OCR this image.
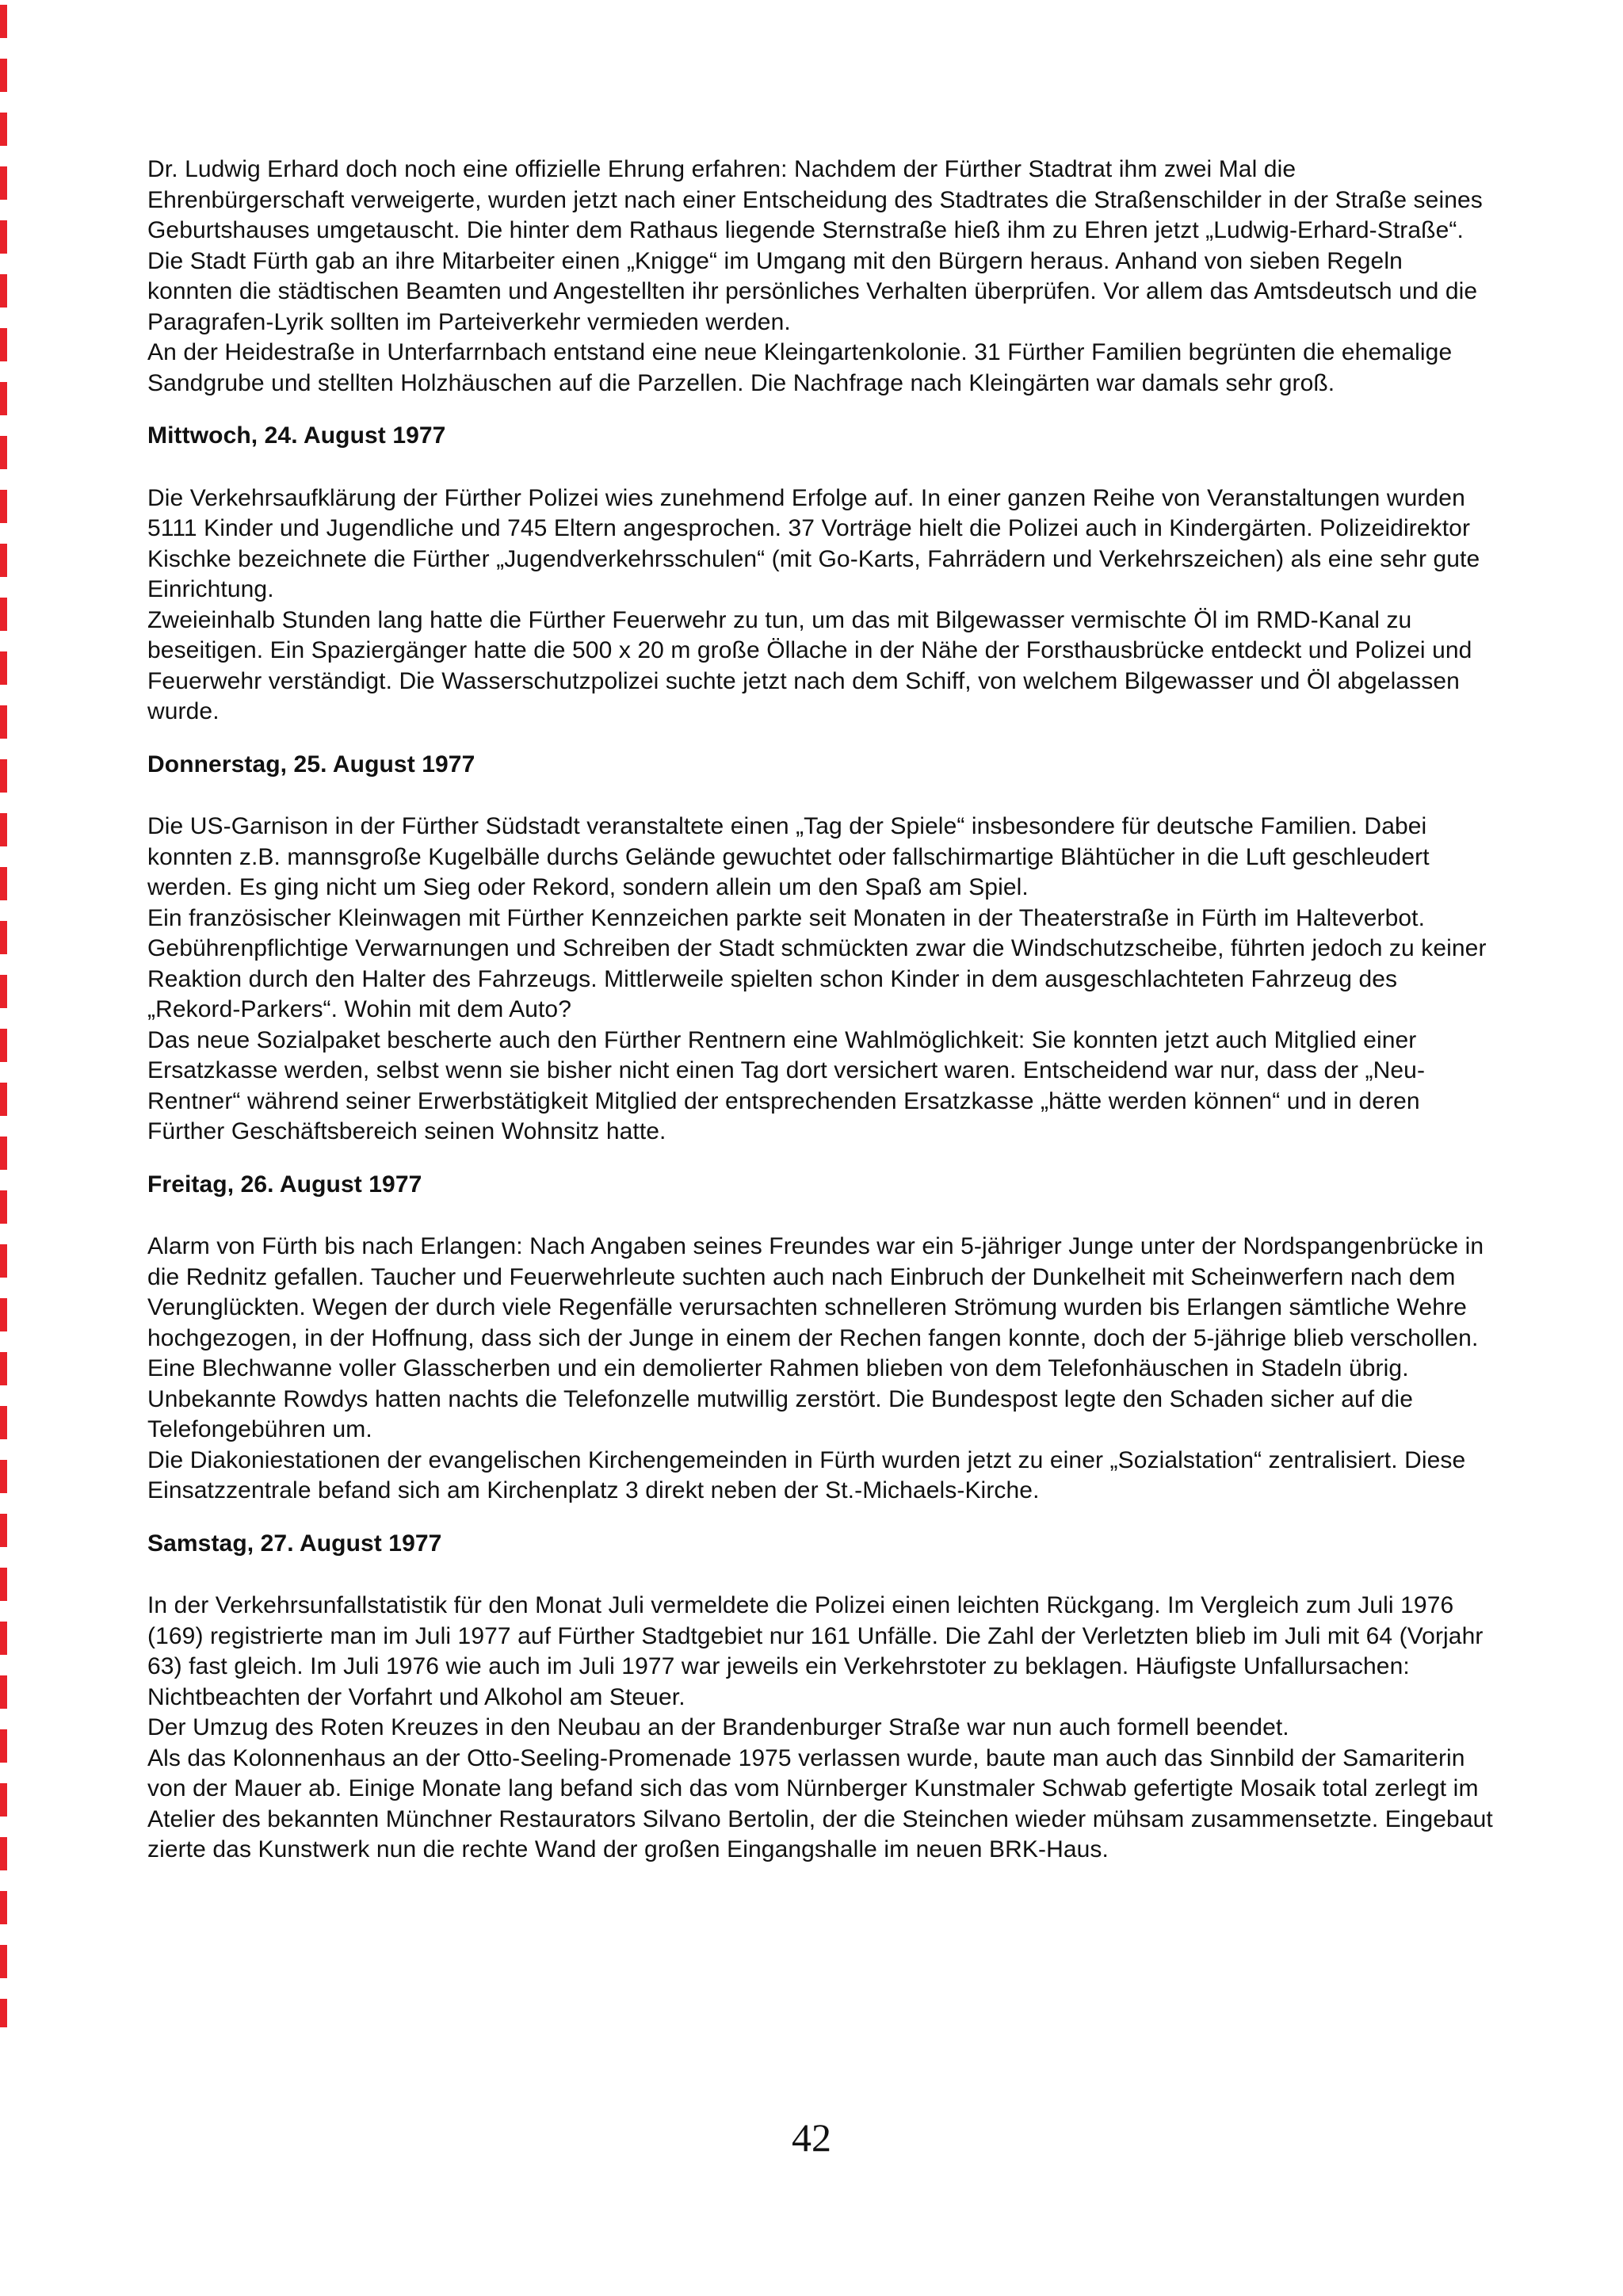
Dr. Ludwig Erhard doch noch eine offizielle Ehrung erfahren: Nachdem der Fürther Stadtrat ihm zwei Mal die Ehrenbürgerschaft verweigerte, wurden jetzt nach einer Entscheidung des Stadtrates die Straßenschilder in der Straße seines Geburtshauses umgetauscht. Die hinter dem Rathaus liegende Sternstraße hieß ihm zu Ehren jetzt „Ludwig-Erhard-Straße“.
Die Stadt Fürth gab an ihre Mitarbeiter einen „Knigge“ im Umgang mit den Bürgern heraus. Anhand von sieben Regeln konnten die städtischen Beamten und Angestellten ihr persönliches Verhalten überprüfen. Vor allem das Amtsdeutsch und die Paragrafen-Lyrik sollten im Parteiverkehr vermieden werden.
An der Heidestraße in Unterfarrnbach entstand eine neue Kleingartenkolonie. 31 Fürther Familien begrünten die ehemalige Sandgrube und stellten Holzhäuschen auf die Parzellen. Die Nachfrage nach Kleingärten war damals sehr groß.
Mittwoch, 24. August 1977
Die Verkehrsaufklärung der Fürther Polizei wies zunehmend Erfolge auf. In einer ganzen Reihe von Veranstaltungen wurden 5111 Kinder und Jugendliche und 745 Eltern angesprochen. 37 Vorträge hielt die Polizei auch in Kindergärten. Polizeidirektor Kischke bezeichnete die Fürther „Jugendverkehrsschulen“ (mit Go-Karts, Fahrrädern und Verkehrszeichen) als eine sehr gute Einrichtung.
Zweieinhalb Stunden lang hatte die Fürther Feuerwehr zu tun, um das mit Bilgewasser vermischte Öl im RMD-Kanal zu beseitigen. Ein Spaziergänger hatte die 500 x 20 m große Öllache in der Nähe der Forsthausbrücke entdeckt und Polizei und Feuerwehr verständigt. Die Wasserschutzpolizei suchte jetzt nach dem Schiff, von welchem Bilgewasser und Öl abgelassen wurde.
Donnerstag, 25. August 1977
Die US-Garnison in der Fürther Südstadt veranstaltete einen „Tag der Spiele“ insbesondere für deutsche Familien. Dabei konnten z.B. mannsgroße Kugelbälle durchs Gelände gewuchtet oder fallschirmartige Blähtücher in die Luft geschleudert werden. Es ging nicht um Sieg oder Rekord, sondern allein um den Spaß am Spiel.
Ein französischer Kleinwagen mit Fürther Kennzeichen parkte seit Monaten in der Theaterstraße in Fürth im Halteverbot. Gebührenpflichtige Verwarnungen und Schreiben der Stadt schmückten zwar die Windschutzscheibe, führten jedoch zu keiner Reaktion durch den Halter des Fahrzeugs. Mittlerweile spielten schon Kinder in dem ausgeschlachteten Fahrzeug des „Rekord-Parkers“. Wohin mit dem Auto?
Das neue Sozialpaket bescherte auch den Fürther Rentnern eine Wahlmöglichkeit: Sie konnten jetzt auch Mitglied einer Ersatzkasse werden, selbst wenn sie bisher nicht einen Tag dort versichert waren. Entscheidend war nur, dass der „Neu-Rentner“ während seiner Erwerbstätigkeit Mitglied der entsprechenden Ersatzkasse „hätte werden können“ und in deren Fürther Geschäftsbereich seinen Wohnsitz hatte.
Freitag, 26. August 1977
Alarm von Fürth bis nach Erlangen: Nach Angaben seines Freundes war ein 5-jähriger Junge unter der Nordspangenbrücke in die Rednitz gefallen. Taucher und Feuerwehrleute suchten auch nach Einbruch der Dunkelheit mit Scheinwerfern nach dem Verunglückten. Wegen der durch viele Regenfälle verursachten schnelleren Strömung wurden bis Erlangen sämtliche Wehre hochgezogen, in der Hoffnung, dass sich der Junge in einem der Rechen fangen konnte, doch der 5-jährige blieb verschollen.
Eine Blechwanne voller Glasscherben und ein demolierter Rahmen blieben von dem Telefonhäuschen in Stadeln übrig. Unbekannte Rowdys hatten nachts die Telefonzelle mutwillig zerstört. Die Bundespost legte den Schaden sicher auf die Telefongebühren um.
Die Diakoniestationen der evangelischen Kirchengemeinden in Fürth wurden jetzt zu einer „Sozialstation“ zentralisiert. Diese Einsatzzentrale befand sich am Kirchenplatz 3 direkt neben der St.-Michaels-Kirche.
Samstag, 27. August 1977
In der Verkehrsunfallstatistik für den Monat Juli vermeldete die Polizei einen leichten Rückgang. Im Vergleich zum Juli 1976 (169) registrierte man im Juli 1977 auf Fürther Stadtgebiet nur 161 Unfälle. Die Zahl der Verletzten blieb im Juli mit 64 (Vorjahr 63) fast gleich. Im Juli 1976 wie auch im Juli 1977 war jeweils ein Verkehrstoter zu beklagen. Häufigste Unfallursachen: Nichtbeachten der Vorfahrt und Alkohol am Steuer.
Der Umzug des Roten Kreuzes in den Neubau an der Brandenburger Straße war nun auch formell beendet.
Als das Kolonnenhaus an der Otto-Seeling-Promenade 1975 verlassen wurde, baute man auch das Sinnbild der Samariterin von der Mauer ab. Einige Monate lang befand sich das vom Nürnberger Kunstmaler Schwab gefertigte Mosaik total zerlegt im Atelier des bekannten Münchner Restaurators Silvano Bertolin, der die Steinchen wieder mühsam zusammensetzte. Eingebaut zierte das Kunstwerk nun die rechte Wand der großen Eingangshalle im neuen BRK-Haus.
42
